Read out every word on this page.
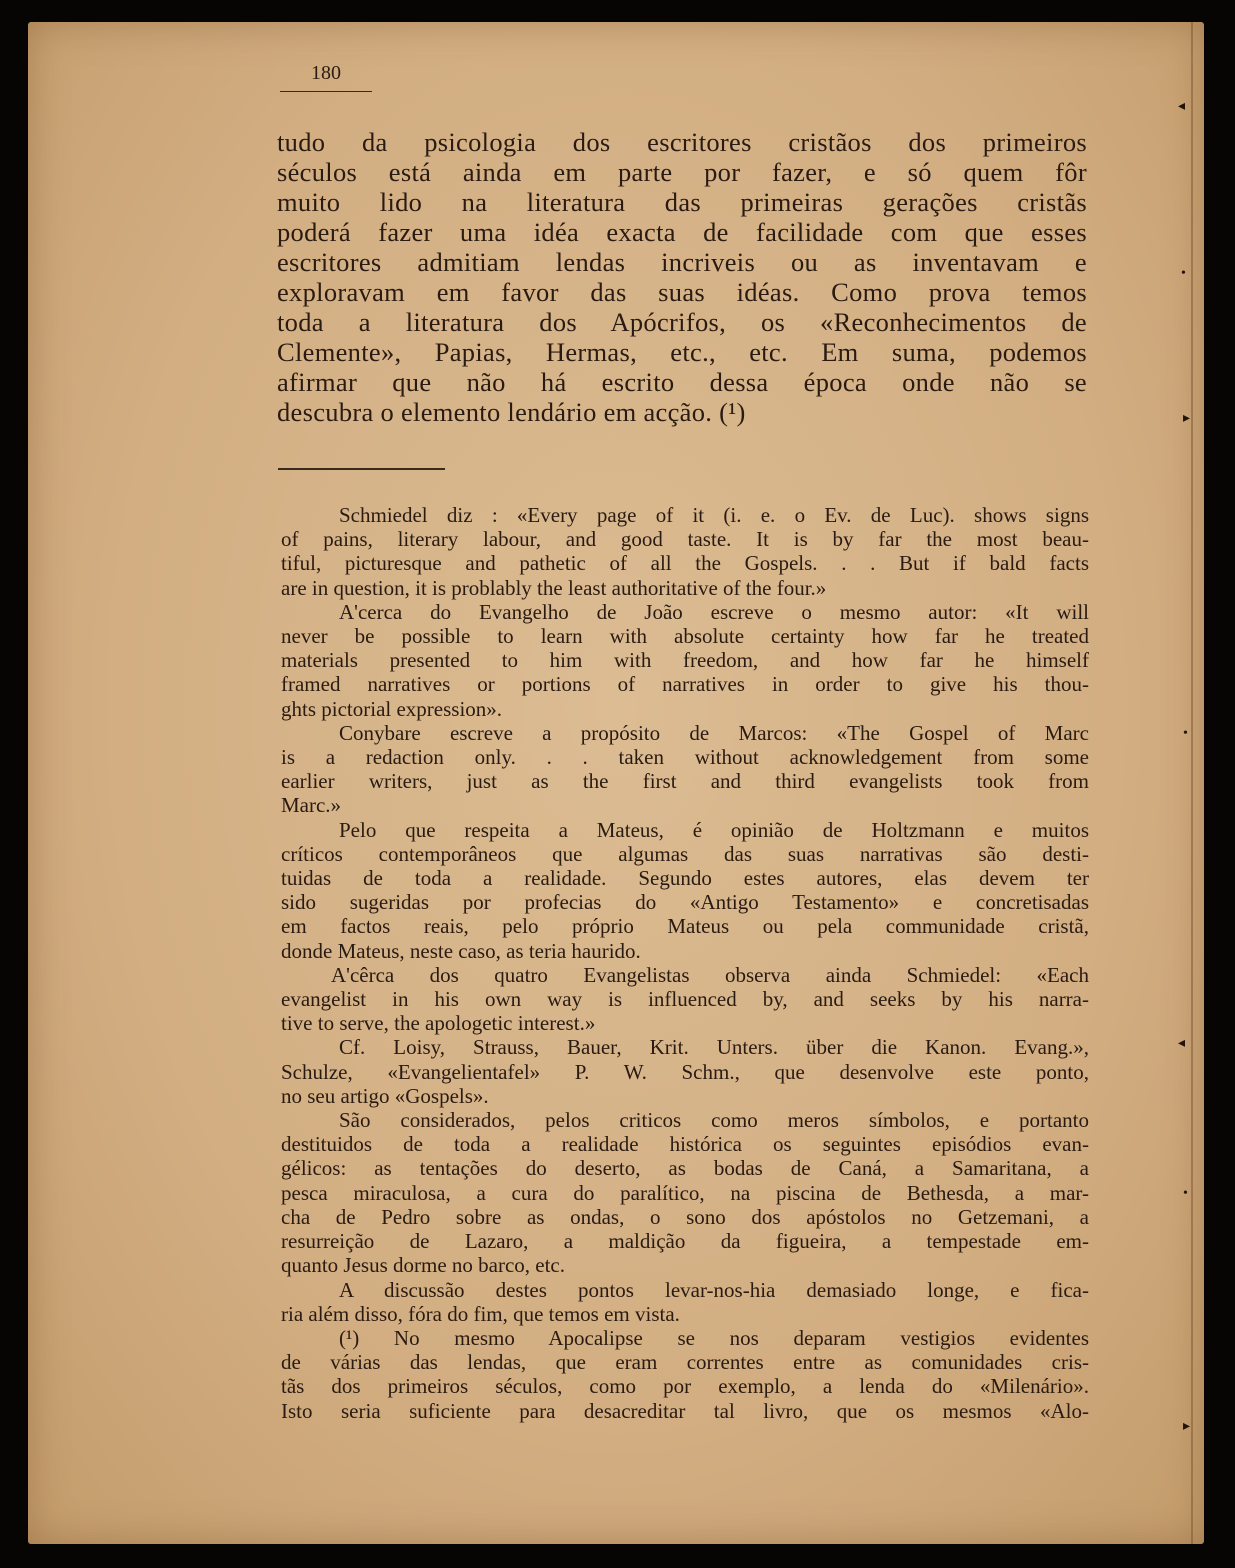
180
tudo da psicologia dos escritores cristãos dos primeiros
séculos está ainda em parte por fazer, e só quem fôr
muito lido na literatura das primeiras gerações cristãs
poderá fazer uma idéa exacta de facilidade com que esses
escritores admitiam lendas incriveis ou as inventavam e
exploravam em favor das suas idéas. Como prova temos
toda a literatura dos Apócrifos, os «Reconhecimentos de
Clemente», Papias, Hermas, etc., etc. Em suma, podemos
afirmar que não há escrito dessa época onde não se
descubra o elemento lendário em acção. (¹)
Schmiedel diz : «Every page of it (i. e. o Ev. de Luc). shows signs
of pains, literary labour, and good taste. It is by far the most beau-
tiful, picturesque and pathetic of all the Gospels. . . But if bald facts
are in question, it is problably the least authoritative of the four.»
A'cerca do Evangelho de João escreve o mesmo autor: «It will
never be possible to learn with absolute certainty how far he treated
materials presented to him with freedom, and how far he himself
framed narratives or portions of narratives in order to give his thou-
ghts pictorial expression».
Conybare escreve a propósito de Marcos: «The Gospel of Marc
is a redaction only. . . taken without acknowledgement from some
earlier writers, just as the first and third evangelists took from
Marc.»
Pelo que respeita a Mateus, é opinião de Holtzmann e muitos
críticos contemporâneos que algumas das suas narrativas são desti-
tuidas de toda a realidade. Segundo estes autores, elas devem ter
sido sugeridas por profecias do «Antigo Testamento» e concretisadas
em factos reais, pelo próprio Mateus ou pela communidade cristã,
donde Mateus, neste caso, as teria haurido.
A'cêrca dos quatro Evangelistas observa ainda Schmiedel: «Each
evangelist in his own way is influenced by, and seeks by his narra-
tive to serve, the apologetic interest.»
Cf. Loisy, Strauss, Bauer, Krit. Unters. über die Kanon. Evang.»,
Schulze, «Evangelientafel» P. W. Schm., que desenvolve este ponto,
no seu artigo «Gospels».
São considerados, pelos criticos como meros símbolos, e portanto
destituidos de toda a realidade histórica os seguintes episódios evan-
gélicos: as tentações do deserto, as bodas de Caná, a Samaritana, a
pesca miraculosa, a cura do paralítico, na piscina de Bethesda, a mar-
cha de Pedro sobre as ondas, o sono dos apóstolos no Getzemani, a
resurreição de Lazaro, a maldição da figueira, a tempestade em-
quanto Jesus dorme no barco, etc.
A discussão destes pontos levar-nos-hia demasiado longe, e fica-
ria além disso, fóra do fim, que temos em vista.
(¹) No mesmo Apocalipse se nos deparam vestigios evidentes
de várias das lendas, que eram correntes entre as comunidades cris-
tãs dos primeiros séculos, como por exemplo, a lenda do «Milenário».
Isto seria suficiente para desacreditar tal livro, que os mesmos «Alo-
◂
•
▸
•
◂
•
▸
